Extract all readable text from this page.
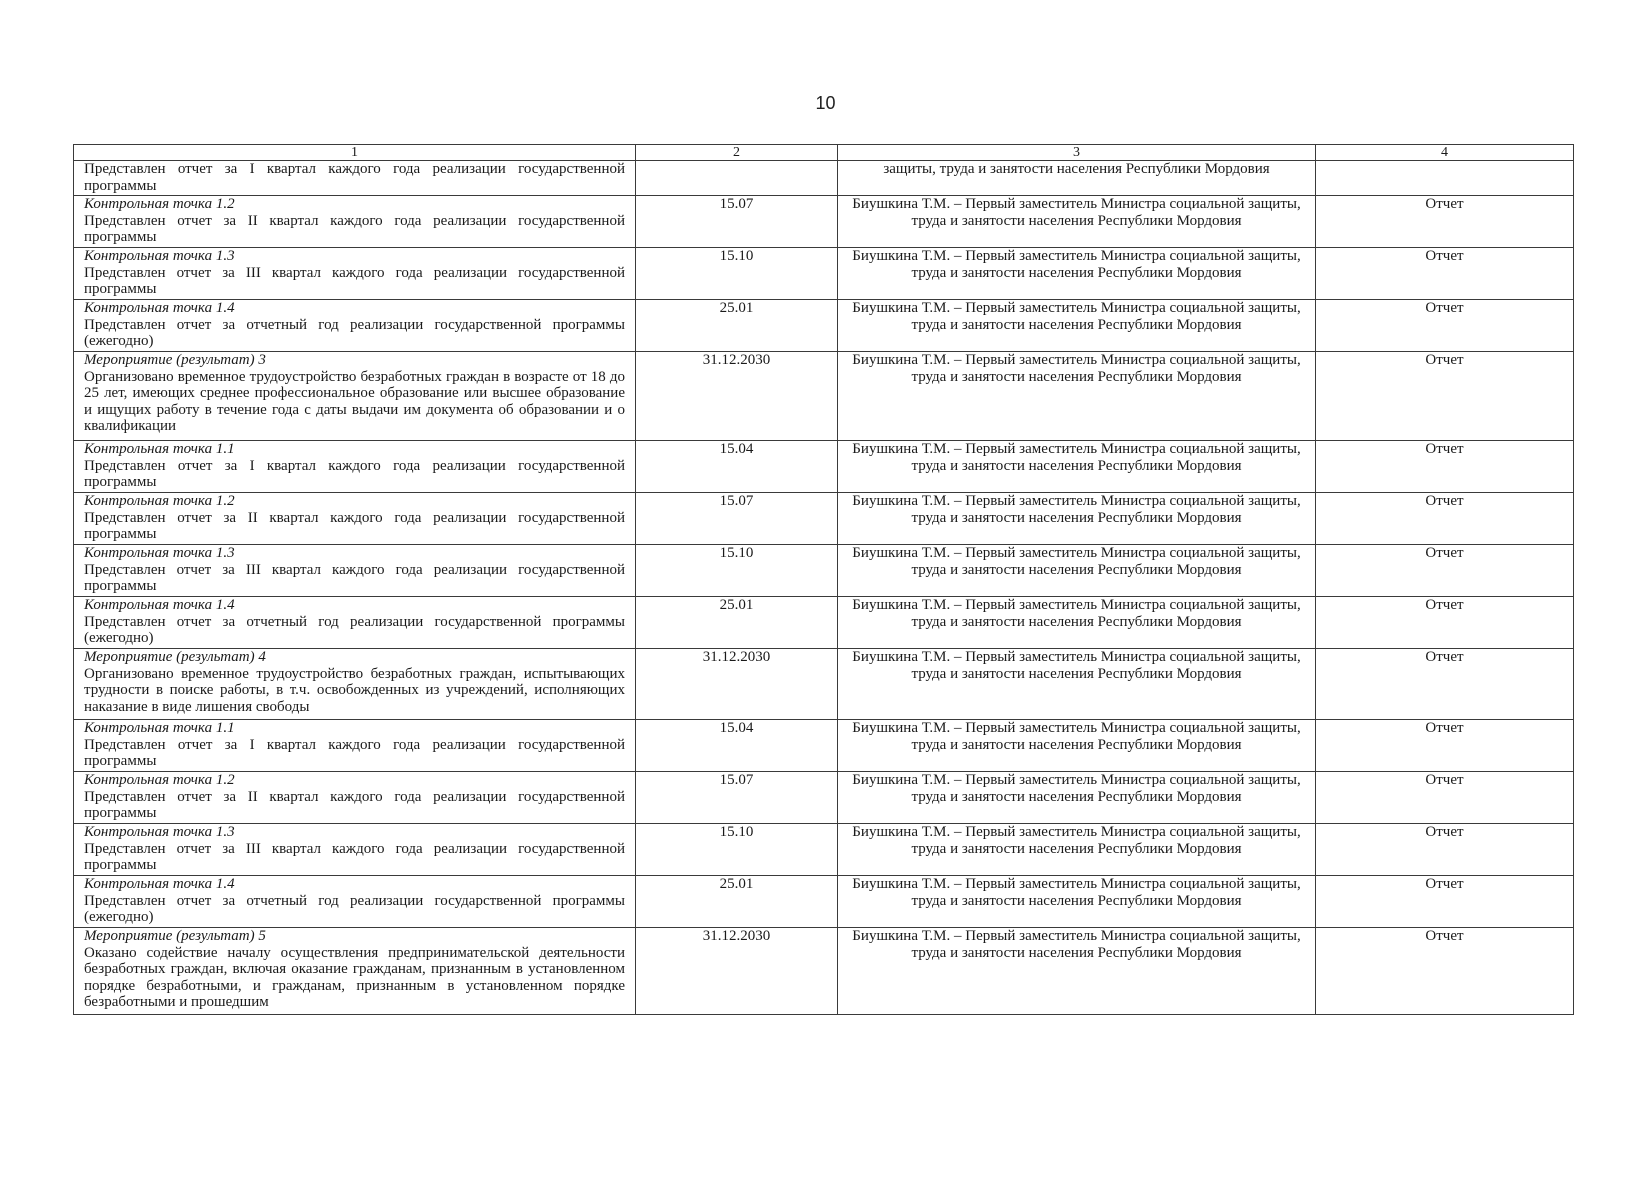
10
1	2	3	4

Представлен отчет за I квартал каждого года реализации государственной программы		защиты, труда и занятости населения Республики Мордовия	

Контрольная точка 1.2
Представлен отчет за II квартал каждого года реализации государственной программы	15.07	Биушкина Т.М. – Первый заместитель Министра социальной защиты, труда и занятости населения Республики Мордовия	Отчет

Контрольная точка 1.3
Представлен отчет за III квартал каждого года реализации государственной программы	15.10	Биушкина Т.М. – Первый заместитель Министра социальной защиты, труда и занятости населения Республики Мордовия	Отчет

Контрольная точка 1.4
Представлен отчет за отчетный год реализации государственной программы (ежегодно)	25.01	Биушкина Т.М. – Первый заместитель Министра социальной защиты, труда и занятости населения Республики Мордовия	Отчет

Мероприятие (результат) 3
Организовано временное трудоустройство безработных граждан в возрасте от 18 до 25 лет, имеющих среднее профессиональное образование или высшее образование и ищущих работу в течение года с даты выдачи им документа об образовании и о квалификации	31.12.2030	Биушкина Т.М. – Первый заместитель Министра социальной защиты, труда и занятости населения Республики Мордовия	Отчет

Контрольная точка 1.1
Представлен отчет за I квартал каждого года реализации государственной программы	15.04	Биушкина Т.М. – Первый заместитель Министра социальной защиты, труда и занятости населения Республики Мордовия	Отчет

Контрольная точка 1.2
Представлен отчет за II квартал каждого года реализации государственной программы	15.07	Биушкина Т.М. – Первый заместитель Министра социальной защиты, труда и занятости населения Республики Мордовия	Отчет

Контрольная точка 1.3
Представлен отчет за III квартал каждого года реализации государственной программы	15.10	Биушкина Т.М. – Первый заместитель Министра социальной защиты, труда и занятости населения Республики Мордовия	Отчет

Контрольная точка 1.4
Представлен отчет за отчетный год реализации государственной программы (ежегодно)	25.01	Биушкина Т.М. – Первый заместитель Министра социальной защиты, труда и занятости населения Республики Мордовия	Отчет

Мероприятие (результат) 4
Организовано временное трудоустройство безработных граждан, испытывающих трудности в поиске работы, в т.ч. освобожденных из учреждений, исполняющих наказание в виде лишения свободы	31.12.2030	Биушкина Т.М. – Первый заместитель Министра социальной защиты, труда и занятости населения Республики Мордовия	Отчет

Контрольная точка 1.1
Представлен отчет за I квартал каждого года реализации государственной программы	15.04	Биушкина Т.М. – Первый заместитель Министра социальной защиты, труда и занятости населения Республики Мордовия	Отчет

Контрольная точка 1.2
Представлен отчет за II квартал каждого года реализации государственной программы	15.07	Биушкина Т.М. – Первый заместитель Министра социальной защиты, труда и занятости населения Республики Мордовия	Отчет

Контрольная точка 1.3
Представлен отчет за III квартал каждого года реализации государственной программы	15.10	Биушкина Т.М. – Первый заместитель Министра социальной защиты, труда и занятости населения Республики Мордовия	Отчет

Контрольная точка 1.4
Представлен отчет за отчетный год реализации государственной программы (ежегодно)	25.01	Биушкина Т.М. – Первый заместитель Министра социальной защиты, труда и занятости населения Республики Мордовия	Отчет

Мероприятие (результат) 5
Оказано содействие началу осуществления предпринимательской деятельности безработных граждан, включая оказание гражданам, признанным в установленном порядке безработными, и гражданам, признанным в установленном порядке безработными и прошедшим	31.12.2030	Биушкина Т.М. – Первый заместитель Министра социальной защиты, труда и занятости населения Республики Мордовия	Отчет
